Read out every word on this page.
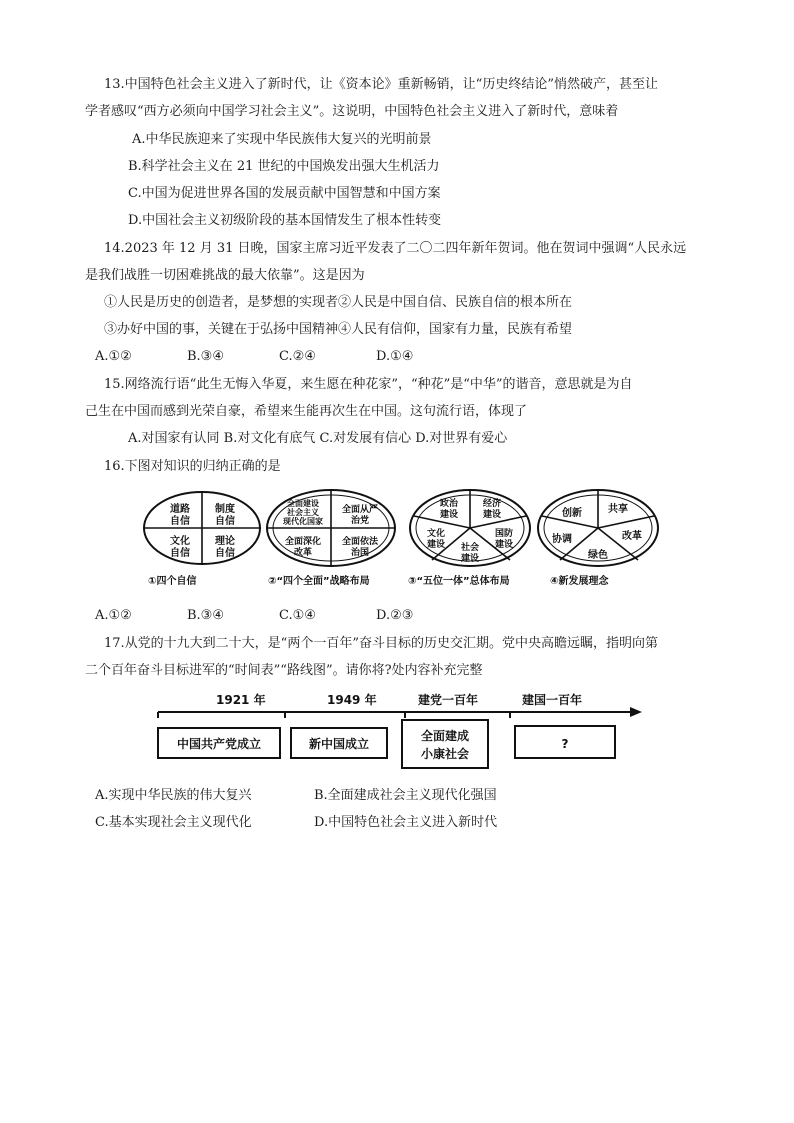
13.中国特色社会主义进入了新时代，让《资本论》重新畅销，让“历史终结论”悄然破产，甚至让
学者感叹“西方必须向中国学习社会主义”。这说明，中国特色社会主义进入了新时代，意味着
A.中华民族迎来了实现中华民族伟大复兴的光明前景
B.科学社会主义在 21 世纪的中国焕发出强大生机活力
C.中国为促进世界各国的发展贡献中国智慧和中国方案
D.中国社会主义初级阶段的基本国情发生了根本性转变
14.2023 年 12 月 31 日晚，国家主席习近平发表了二〇二四年新年贺词。他在贺词中强调“人民永远
是我们战胜一切困难挑战的最大依靠”。这是因为
①人民是历史的创造者，是梦想的实现者②人民是中国自信、民族自信的根本所在
③办好中国的事，关键在于弘扬中国精神④人民有信仰，国家有力量，民族有希望
A.①②	B.③④	C.②④	D.①④
15.网络流行语“此生无悔入华夏，来生愿在种花家”，“种花”是“中华”的谐音，意思就是为自
己生在中国而感到光荣自豪，希望来生能再次生在中国。这句流行语，体现了
A.对国家有认同 B.对文化有底气 C.对发展有信心 D.对世界有爱心
16.下图对知识的归纳正确的是
道路自信
制度自信
文化自信
理论自信
①四个自信
全面建设社会主义现代化国家
全面从严治党
全面深化改革
全面依法治国
②“四个全面”战略布局
政治建设
经济建设
文化建设
国防建设
社会建设
③“五位一体”总体布局
创新	共享
协调	改革
绿色
④新发展理念
A.①②	B.③④	C.①④	D.②③
17.从党的十九大到二十大，是“两个一百年”奋斗目标的历史交汇期。党中央高瞻远瞩，指明向第
二个百年奋斗目标进军的“时间表”“路线图”。请你将?处内容补充完整
1921 年	1949 年	建党一百年	建国一百年
中国共产党成立	新中国成立
全面建成小康社会
?
A.实现中华民族的伟大复兴	B.全面建成社会主义现代化强国
C.基本实现社会主义现代化	D.中国特色社会主义进入新时代
